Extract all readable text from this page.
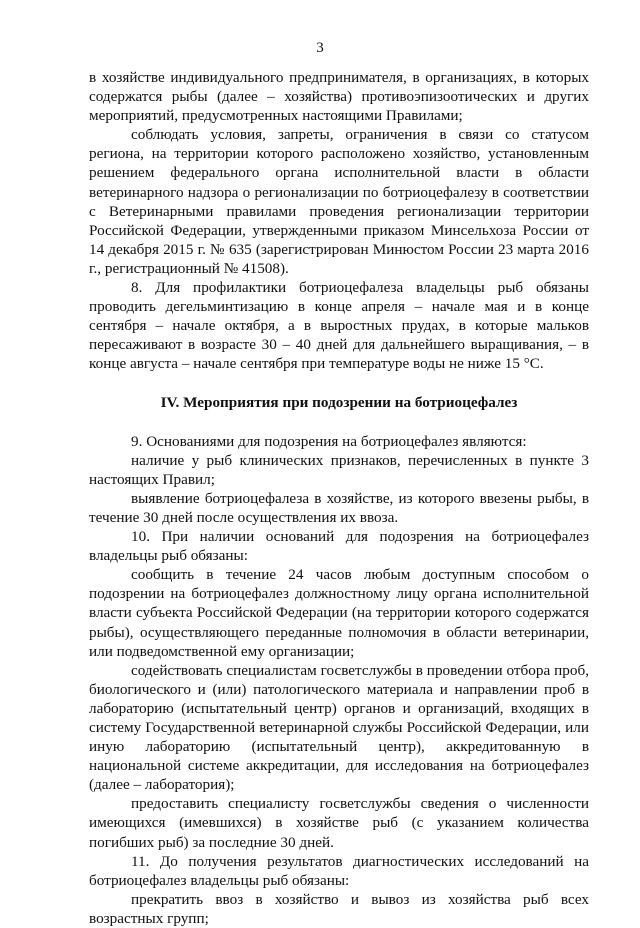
3

в хозяйстве индивидуального предпринимателя, в организациях, в которых содержатся рыбы (далее – хозяйства) противоэпизоотических и других мероприятий, предусмотренных настоящими Правилами;

соблюдать условия, запреты, ограничения в связи со статусом региона, на территории которого расположено хозяйство, установленным решением федерального органа исполнительной власти в области ветеринарного надзора о регионализации по ботриоцефалезу в соответствии с Ветеринарными правилами проведения регионализации территории Российской Федерации, утвержденными приказом Минсельхоза России от 14 декабря 2015 г. № 635 (зарегистрирован Минюстом России 23 марта 2016 г., регистрационный № 41508).

8. Для профилактики ботриоцефалеза владельцы рыб обязаны проводить дегельминтизацию в конце апреля – начале мая и в конце сентября – начале октября, а в выростных прудах, в которые мальков пересаживают в возрасте 30 – 40 дней для дальнейшего выращивания, – в конце августа – начале сентября при температуре воды не ниже 15 °С.

IV. Мероприятия при подозрении на ботриоцефалез

9. Основаниями для подозрения на ботриоцефалез являются:

наличие у рыб клинических признаков, перечисленных в пункте 3 настоящих Правил;

выявление ботриоцефалеза в хозяйстве, из которого ввезены рыбы, в течение 30 дней после осуществления их ввоза.

10. При наличии оснований для подозрения на ботриоцефалез владельцы рыб обязаны:

сообщить в течение 24 часов любым доступным способом о подозрении на ботриоцефалез должностному лицу органа исполнительной власти субъекта Российской Федерации (на территории которого содержатся рыбы), осуществляющего переданные полномочия в области ветеринарии, или подведомственной ему организации;

содействовать специалистам госветслужбы в проведении отбора проб, биологического и (или) патологического материала и направлении проб в лабораторию (испытательный центр) органов и организаций, входящих в систему Государственной ветеринарной службы Российской Федерации, или иную лабораторию (испытательный центр), аккредитованную в национальной системе аккредитации, для исследования на ботриоцефалез (далее – лаборатория);

предоставить специалисту госветслужбы сведения о численности имеющихся (имевшихся) в хозяйстве рыб (с указанием количества погибших рыб) за последние 30 дней.

11. До получения результатов диагностических исследований на ботриоцефалез владельцы рыб обязаны:

прекратить ввоз в хозяйство и вывоз из хозяйства рыб всех возрастных групп;
